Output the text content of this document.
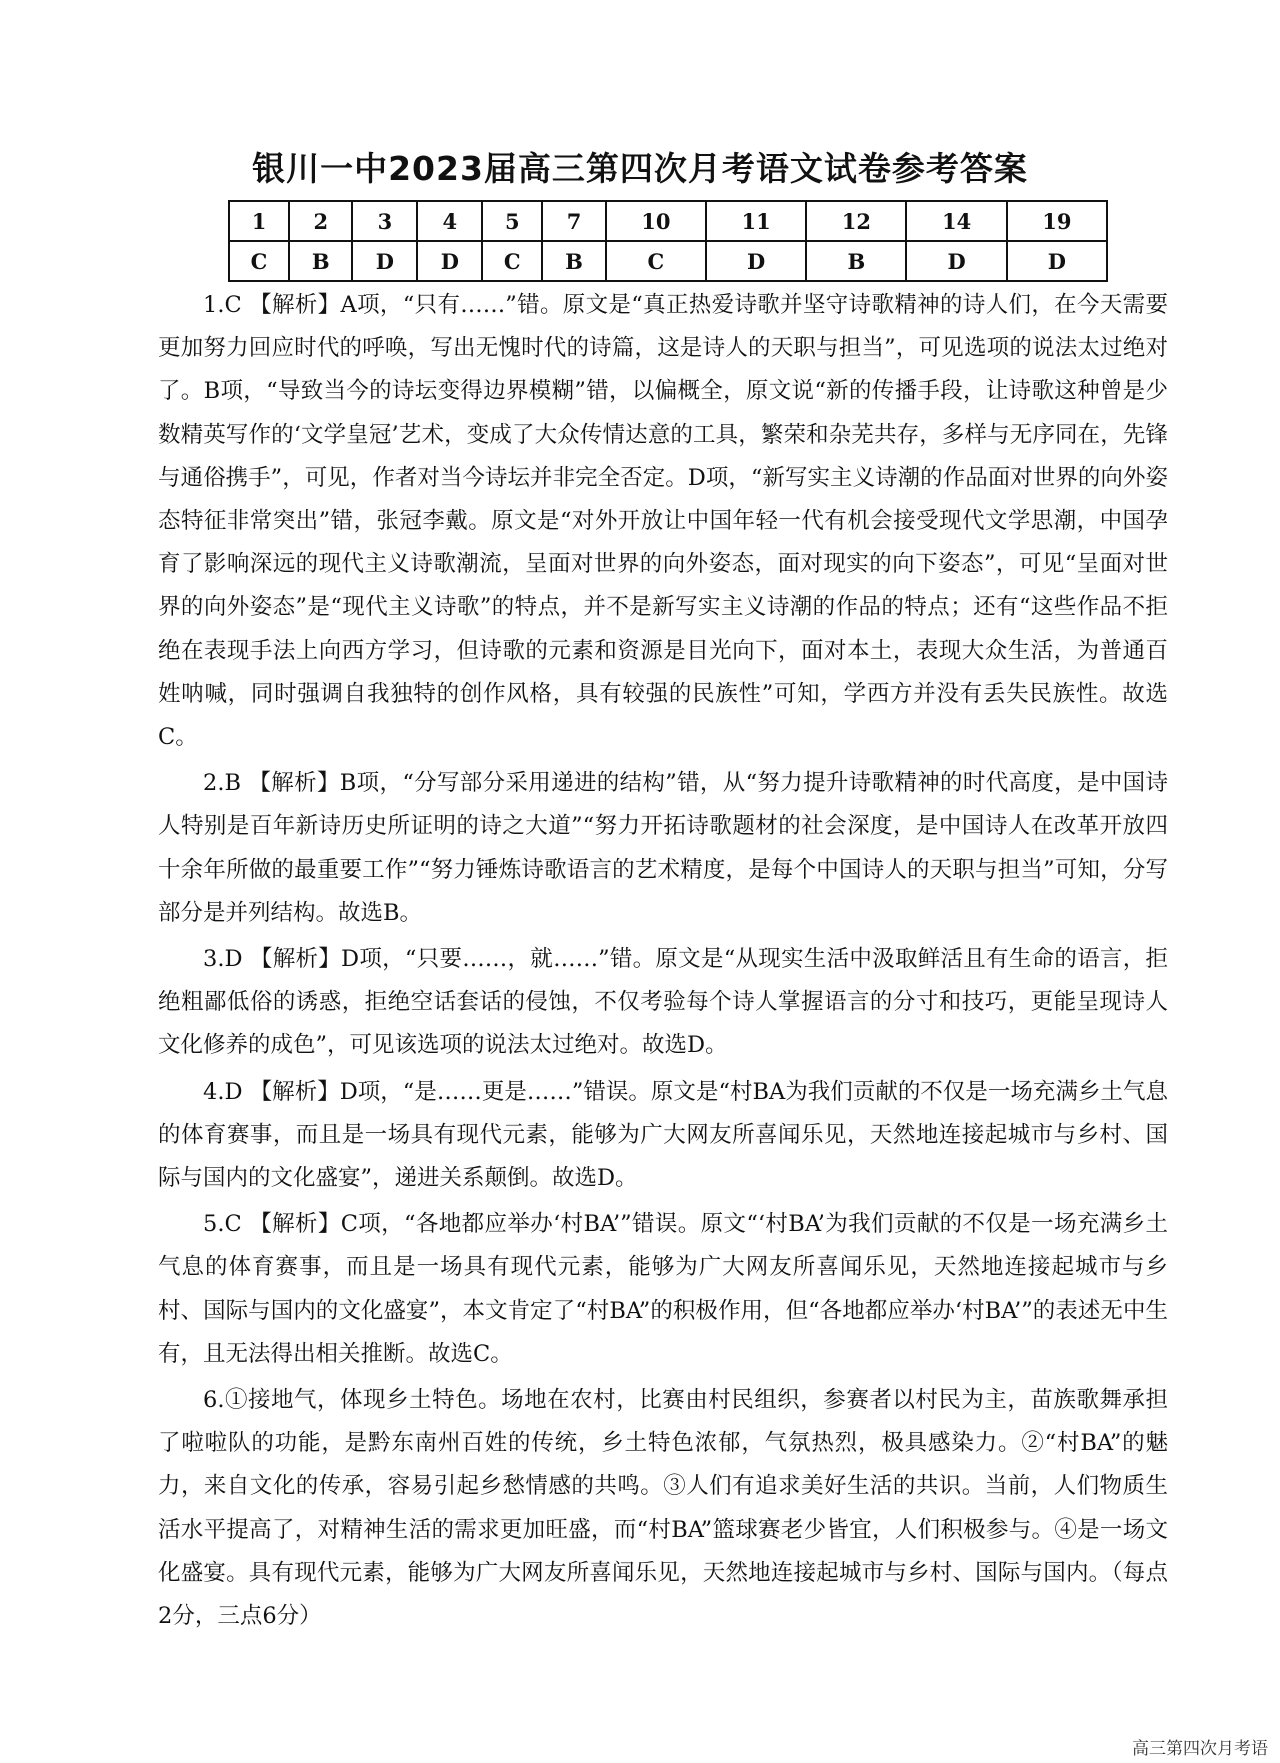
银川一中2023届高三第四次月考语文试卷参考答案
1	2	3	4	5	7	10	11	12	14	19
C	B	D	D	C	B	C	D	B	D	D

1.C 【解析】A项，“只有……”错。原文是“真正热爱诗歌并坚守诗歌精神的诗人们，在今天需要更加努力回应时代的呼唤，写出无愧时代的诗篇，这是诗人的天职与担当”，可见选项的说法太过绝对了。B项，“导致当今的诗坛变得边界模糊”错，以偏概全，原文说“新的传播手段，让诗歌这种曾是少数精英写作的‘文学皇冠’艺术，变成了大众传情达意的工具，繁荣和杂芜共存，多样与无序同在，先锋与通俗携手”，可见，作者对当今诗坛并非完全否定。D项，“新写实主义诗潮的作品面对世界的向外姿态特征非常突出”错，张冠李戴。原文是“对外开放让中国年轻一代有机会接受现代文学思潮，中国孕育了影响深远的现代主义诗歌潮流，呈面对世界的向外姿态，面对现实的向下姿态”，可见“呈面对世界的向外姿态”是“现代主义诗歌”的特点，并不是新写实主义诗潮的作品的特点；还有“这些作品不拒绝在表现手法上向西方学习，但诗歌的元素和资源是目光向下，面对本土，表现大众生活，为普通百姓呐喊，同时强调自我独特的创作风格，具有较强的民族性”可知，学西方并没有丢失民族性。故选C。

2.B 【解析】B项，“分写部分采用递进的结构”错，从“努力提升诗歌精神的时代高度，是中国诗人特别是百年新诗历史所证明的诗之大道”“努力开拓诗歌题材的社会深度，是中国诗人在改革开放四十余年所做的最重要工作”“努力锤炼诗歌语言的艺术精度，是每个中国诗人的天职与担当”可知，分写部分是并列结构。故选B。

3.D 【解析】D项，“只要……，就……”错。原文是“从现实生活中汲取鲜活且有生命的语言，拒绝粗鄙低俗的诱惑，拒绝空话套话的侵蚀，不仅考验每个诗人掌握语言的分寸和技巧，更能呈现诗人文化修养的成色”，可见该选项的说法太过绝对。故选D。

4.D 【解析】D项，“是……更是……”错误。原文是“村BA为我们贡献的不仅是一场充满乡土气息的体育赛事，而且是一场具有现代元素，能够为广大网友所喜闻乐见，天然地连接起城市与乡村、国际与国内的文化盛宴”，递进关系颠倒。故选D。

5.C 【解析】C项，“各地都应举办‘村BA’”错误。原文“‘村BA’为我们贡献的不仅是一场充满乡土气息的体育赛事，而且是一场具有现代元素，能够为广大网友所喜闻乐见，天然地连接起城市与乡村、国际与国内的文化盛宴”，本文肯定了“村BA”的积极作用，但“各地都应举办‘村BA’”的表述无中生有，且无法得出相关推断。故选C。

6.①接地气，体现乡土特色。场地在农村，比赛由村民组织，参赛者以村民为主，苗族歌舞承担了啦啦队的功能，是黔东南州百姓的传统，乡土特色浓郁，气氛热烈，极具感染力。②“村BA”的魅力，来自文化的传承，容易引起乡愁情感的共鸣。③人们有追求美好生活的共识。当前，人们物质生活水平提高了，对精神生活的需求更加旺盛，而“村BA”篮球赛老少皆宜，人们积极参与。④是一场文化盛宴。具有现代元素，能够为广大网友所喜闻乐见，天然地连接起城市与乡村、国际与国内。（每点2分，三点6分）

高三第四次月考语
